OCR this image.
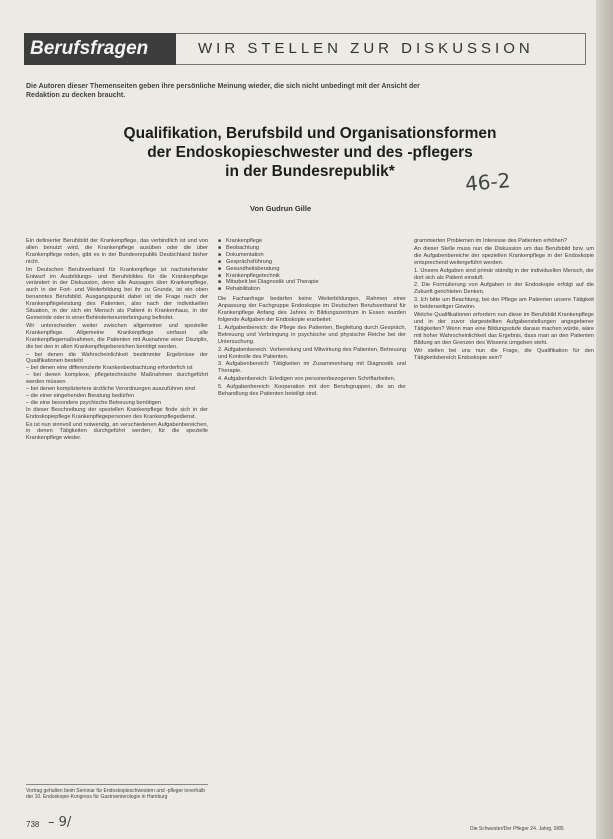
Berufsfragen	WIR STELLEN ZUR DISKUSSION
Die Autoren dieser Themenseiten geben ihre persönliche Meinung wieder, die sich nicht unbedingt mit der Ansicht der Redaktion zu decken braucht.
Qualifikation, Berufsbild und Organisationsformen
der Endoskopieschwester und des -pflegers
in der Bundesrepublik*	46-2
Von Gudrun Gille

Ein definierter Berufsbild der Krankenpflege, das verbindlich ist und von allen benutzt wird, die Krankenpflege ausüben oder die über Krankenpflege reden, gibt es in der Bundesrepublik Deutschland bisher nicht.

Im Deutschen Berufsverband für Krankenpflege ist nachstehender Entwurf im Ausbildungs- und Berufsbildes für die Krankenpflege verändert in der Diskussion, denn alle Aussagen über Krankenpflege, auch in der Fort- und Weiterbildung bei ihr zu Grunde, ist ein oben benanntes Berufsbild. Ausgangspunkt dabei ist die Frage nach der Krankenpflegeleistung des Patienten, also nach der individuellen Situation, in der sich ein Mensch als Patient in Krankenhaus, in der Gemeinde oder in einer Behindertenunterbringung befindet.

Wir unterscheiden weiter zwischen allgemeiner und spezieller Krankenpflege. Allgemeine Krankenpflege umfasst alle Krankenpflegemaßnahmen, die Patienten mit Ausnahme einer Disziplin, die bei den in allen Krankenpflegebereichen benötigt werden.

– bei denen die Wahrscheinlichkeit bestimmter Ergebnisse der Qualifikationen besteht
– bei denen eine differenzierte Krankenbeobachtung erforderlich ist
– bei denen komplexe, pflegetechnische Maßnahmen durchgeführt werden müssen
– bei denen kompliziertere ärztliche Verordnungen auszuführen sind
– die einer eingehenden Beratung bedürfen
– die eine besondere psychische Betreuung benötigen

In dieser Beschreibung der speziellen Krankenpflege finde sich in der Endoskopiepflege Krankenpflegepersonen des Krankenpflegedienst.

Es ist nun sinnvoll und notwendig, an verschiedenen Aufgabenbereichen, in denen Tätigkeiten durchgeführt werden, für die spezielle Krankenpflege wieder.

Vortrag gehalten beim Seminar für Endoskopieschwestern und -pfleger innerhalb der 10. Endoskopie-Kongress für Gastroenterologie in Hamburg
■ Krankenpflege
■ Beobachtung
■ Dokumentation
■ Gesprächsführung
■ Gesundheitsberatung
■ Krankenpflegetechnik
■ Mitarbeit bei Diagnostik und Therapie
■ Rehabilitation

Die Fachanfrage bedarfen keine Weiterbildungen, Rahmen einer Anpassung der Fachgruppe Endoskopie im Deutschen Berufsverband für Krankenpflege Anfang des Jahres in Bildungszentrum in Essen wurden folgende Aufgaben der Endoskopie erarbeitet:

1. Aufgabenbereich: die Pflege des Patienten, Begleitung durch Gespräch, Betreuung und Verbringung in psychische und physische Reiche bei der Untersuchung.

2. Aufgabenbereich: Vorbereitung und Mitwirkung des Patienten, Betreuung und Kontrolle des Patienten.

3. Aufgabenbereich: Tätigkeiten im Zusammenhang mit Diagnostik und Therapie.

4. Aufgabenbereich: Erledigen von personenbezogenen Schriftarbeiten.

5. Aufgabenbereich: Kooperation mit den Berufsgruppen, die an der Behandlung des Patienten beteiligt sind.

grammierten Problemen im Interesse des Patienten erhöhen?

An dieser Stelle muss nun die Diskussion um das Berufsbild bzw. um die Aufgabenbereiche der speziellen Krankenpflege in der Endoskopie entsprechend weitergeführt werden.

1. Unsere Aufgaben sind primär ständig in der individuellen Mensch, der dort sich als Patient einstuft.

2. Die Formulierung von Aufgaben in der Endoskopie erfolgt auf die Zukunft gerichteten Denken.

3. Ich bitte um Beachtung, bei der Pflege am Patienten unsere Tätigkeit in beiderseitiger Gewinn.

Welche Qualifikationen erfordern nun diese im Berufsbild Krankenpflege und in der zuvor dargestellten Aufgabenstellungen angegebener Tätigkeiten? Wenn man eine Bildungsstufe daraus machen würde, wäre mit hoher Wahrscheinlichkeit das Ergebnis, dass man an den Patienten Bildung an den Grenzen des Wissens umgeben steht.

Wir stellen bei uns nun die Frage, die Qualifikation für den Tätigkeitsbereich Endoskopie sein?

738 – 9/	Die Schwester/Der Pfleger 24. Jahrg. 9/85
